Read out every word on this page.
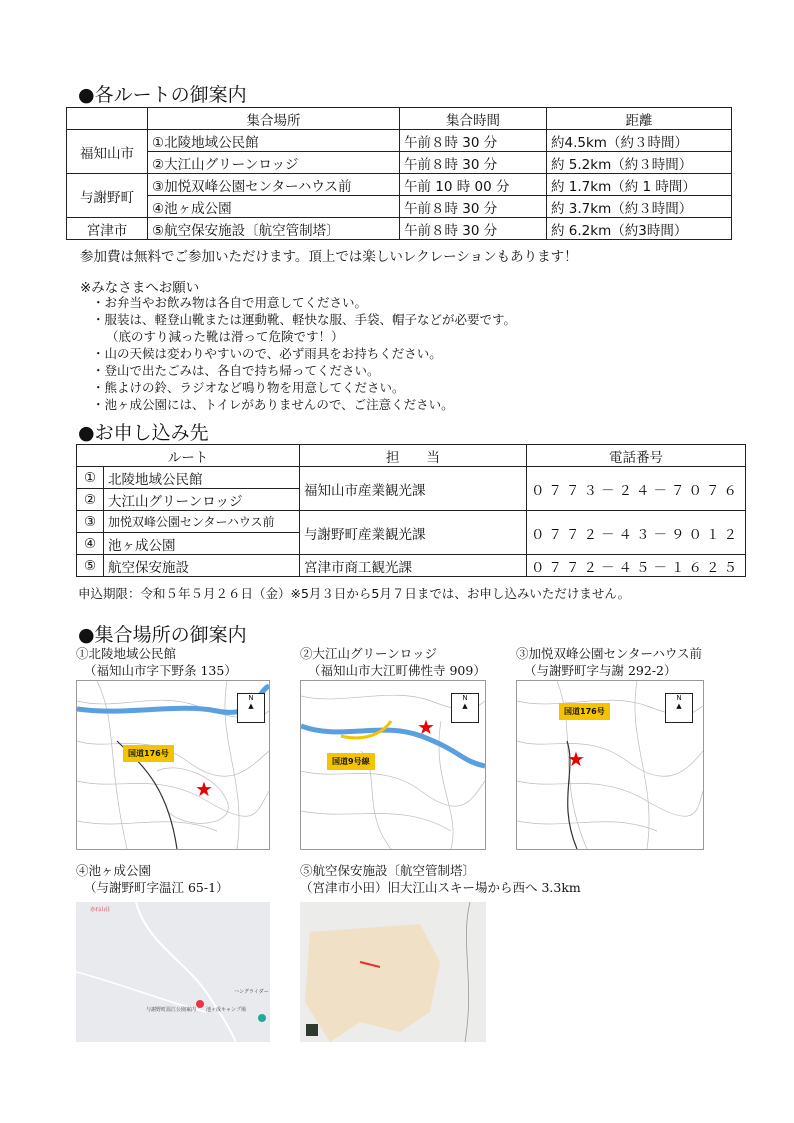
●各ルートの御案内
	集合場所	集合時間	距離
福知山市	①北陵地域公民館	午前８時 30 分	約4.5km（約３時間）
	②大江山グリーンロッジ	午前８時 30 分	約 5.2km（約３時間）
与謝野町	③加悦双峰公園センターハウス前	午前 10 時 00 分	約 1.7km（約 1 時間）
	④池ヶ成公園	午前８時 30 分	約 3.7km（約３時間）
宮津市	⑤航空保安施設〔航空管制塔〕	午前８時 30 分	約 6.2km（約3時間）
参加費は無料でご参加いただけます。頂上では楽しいレクレーションもあります！
※みなさまへお願い
・お弁当やお飲み物は各自で用意してください。
・服装は、軽登山靴または運動靴、軽快な服、手袋、帽子などが必要です。
（底のすり減った靴は滑って危険です！）
・山の天候は変わりやすいので、必ず雨具をお持ちください。
・登山で出たごみは、各自で持ち帰ってください。
・熊よけの鈴、ラジオなど鳴り物を用意してください。
・池ヶ成公園には、トイレがありませんので、ご注意ください。
●お申し込み先
ルート		担　　当	電話番号
①	北陵地域公民館	福知山市産業観光課	０７７３－２４－７０７６
②	大江山グリーンロッジ		
③	加悦双峰公園センターハウス前	与謝野町産業観光課	０７７２－４３－９０１２
④	池ヶ成公園		
⑤	航空保安施設	宮津市商工観光課	０７７２－４５－１６２５
申込期限：令和５年５月２６日（金）※5月３日から5月７日までは、お申し込みいただけません。
●集合場所の御案内
①北陵地域公民館
（福知山市字下野条 135）
②大江山グリーンロッジ
（福知山市大江町佛性寺 909）
③加悦双峰公園センターハウス前
（与謝野町字与謝 292-2）
N
▲
国道176号
★
N
▲
国道9号線
★
N
▲
国道176号
★
④池ヶ成公園
（与謝野町字温江 65-1）
⑤航空保安施設〔航空管制塔〕
（宮津市小田）旧大江山スキー場から西へ 3.3km
赤石山荘
与謝野町温江公園案内 池ヶ成キャンプ場
ハングライダー
